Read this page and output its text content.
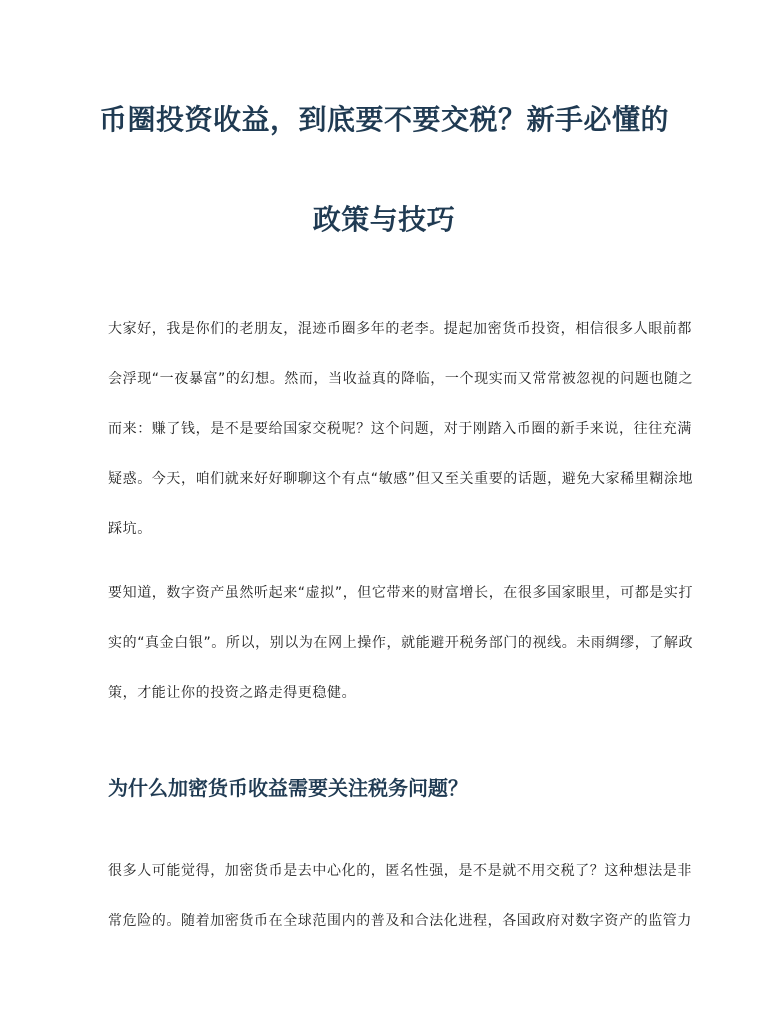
币圈投资收益，到底要不要交税？新手必懂的
政策与技巧
大家好，我是你们的老朋友，混迹币圈多年的老李。提起加密货币投资，相信很多人眼前都
会浮现“一夜暴富”的幻想。然而，当收益真的降临，一个现实而又常常被忽视的问题也随之
而来：赚了钱，是不是要给国家交税呢？这个问题，对于刚踏入币圈的新手来说，往往充满
疑惑。今天，咱们就来好好聊聊这个有点“敏感”但又至关重要的话题，避免大家稀里糊涂地
踩坑。
要知道，数字资产虽然听起来“虚拟”，但它带来的财富增长，在很多国家眼里，可都是实打
实的“真金白银”。所以，别以为在网上操作，就能避开税务部门的视线。未雨绸缪，了解政
策，才能让你的投资之路走得更稳健。
为什么加密货币收益需要关注税务问题？
很多人可能觉得，加密货币是去中心化的，匿名性强，是不是就不用交税了？这种想法是非
常危险的。随着加密货币在全球范围内的普及和合法化进程，各国政府对数字资产的监管力
